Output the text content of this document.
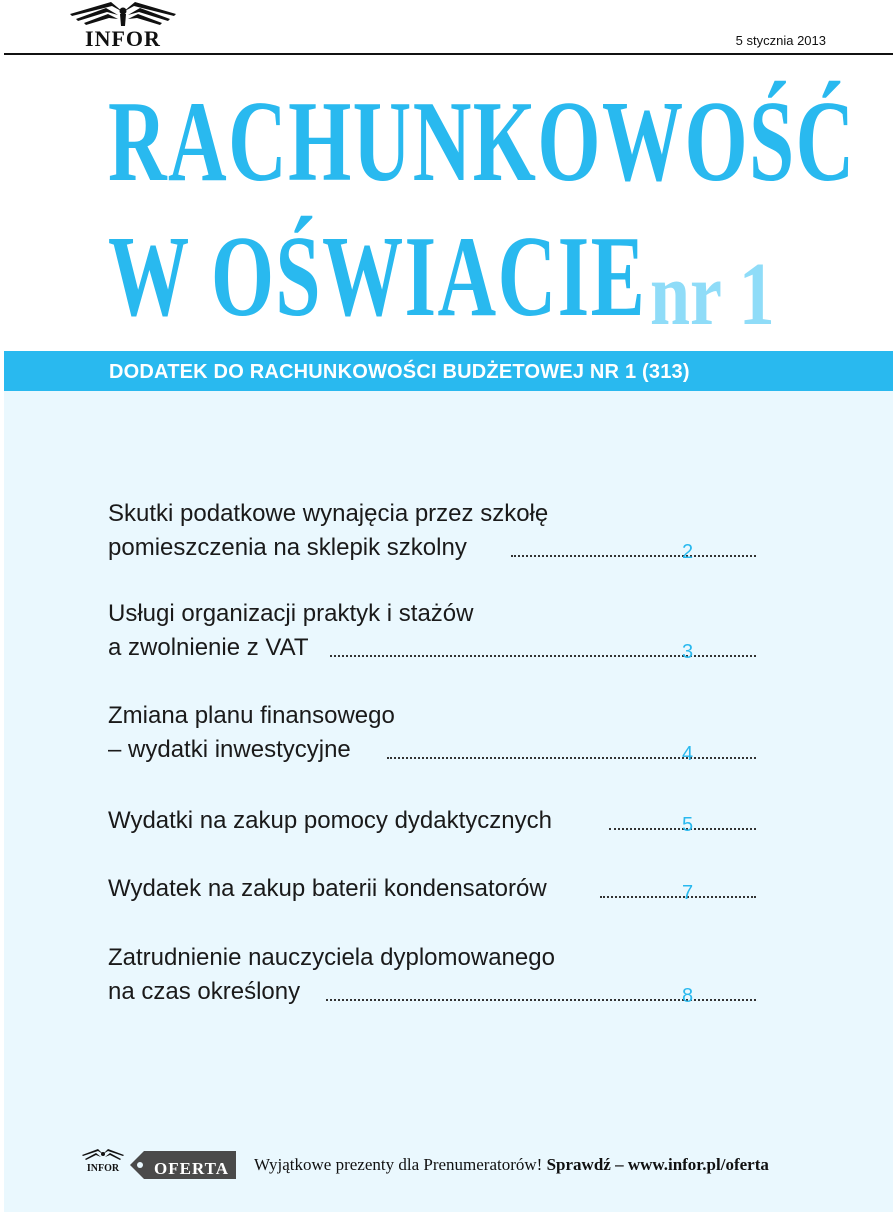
INFOR	5 stycznia 2013
RACHUNKOWOŚĆ
W OŚWIACIE nr 1
DODATEK DO RACHUNKOWOŚCI BUDŻETOWEJ NR 1 (313)
Skutki podatkowe wynajęcia przez szkołę
pomieszczenia na sklepik szkolny	2
Usługi organizacji praktyk i stażów
a zwolnienie z VAT	3
Zmiana planu finansowego
– wydatki inwestycyjne	4
Wydatki na zakup pomocy dydaktycznych	5
Wydatek na zakup baterii kondensatorów	7
Zatrudnienie nauczyciela dyplomowanego
na czas określony	8
INFOR	OFERTA Wyjątkowe prezenty dla Prenumeratorów! Sprawdź – www.infor.pl/oferta
